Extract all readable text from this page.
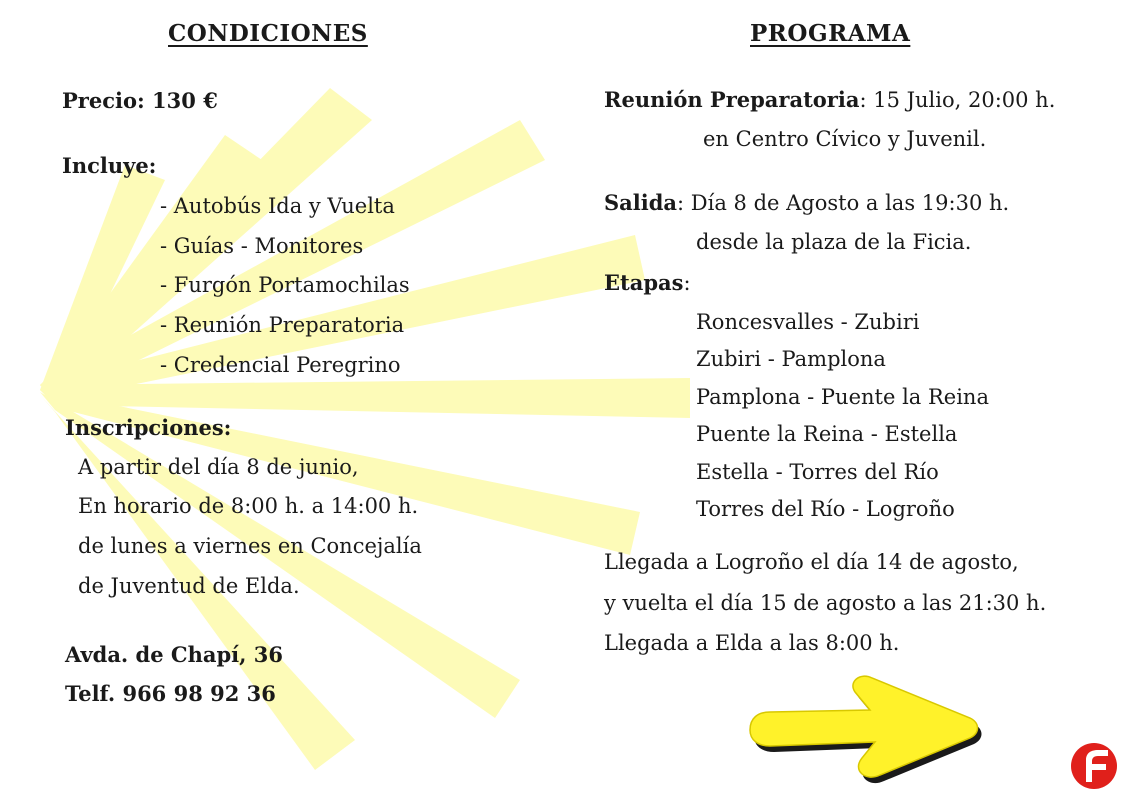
CONDICIONES
Precio: 130 €
Incluye:
- Autobús Ida y Vuelta
- Guías - Monitores
- Furgón Portamochilas
- Reunión Preparatoria
- Credencial Peregrino
Inscripciones:
A partir del día 8 de junio,
En horario de 8:00 h. a 14:00 h.
de lunes a viernes en Concejalía
de Juventud de Elda.
Avda. de Chapí, 36
Telf. 966 98 92 36
PROGRAMA
Reunión Preparatoria: 15 Julio, 20:00 h.
en Centro Cívico y Juvenil.
Salida: Día 8 de Agosto a las 19:30 h.
desde la plaza de la Ficia.
Etapas:
Roncesvalles - Zubiri
Zubiri - Pamplona
Pamplona - Puente la Reina
Puente la Reina - Estella
Estella - Torres del Río
Torres del Río - Logroño
Llegada a Logroño el día 14 de agosto,
y vuelta el día 15 de agosto a las 21:30 h.
Llegada a Elda a las 8:00 h.
